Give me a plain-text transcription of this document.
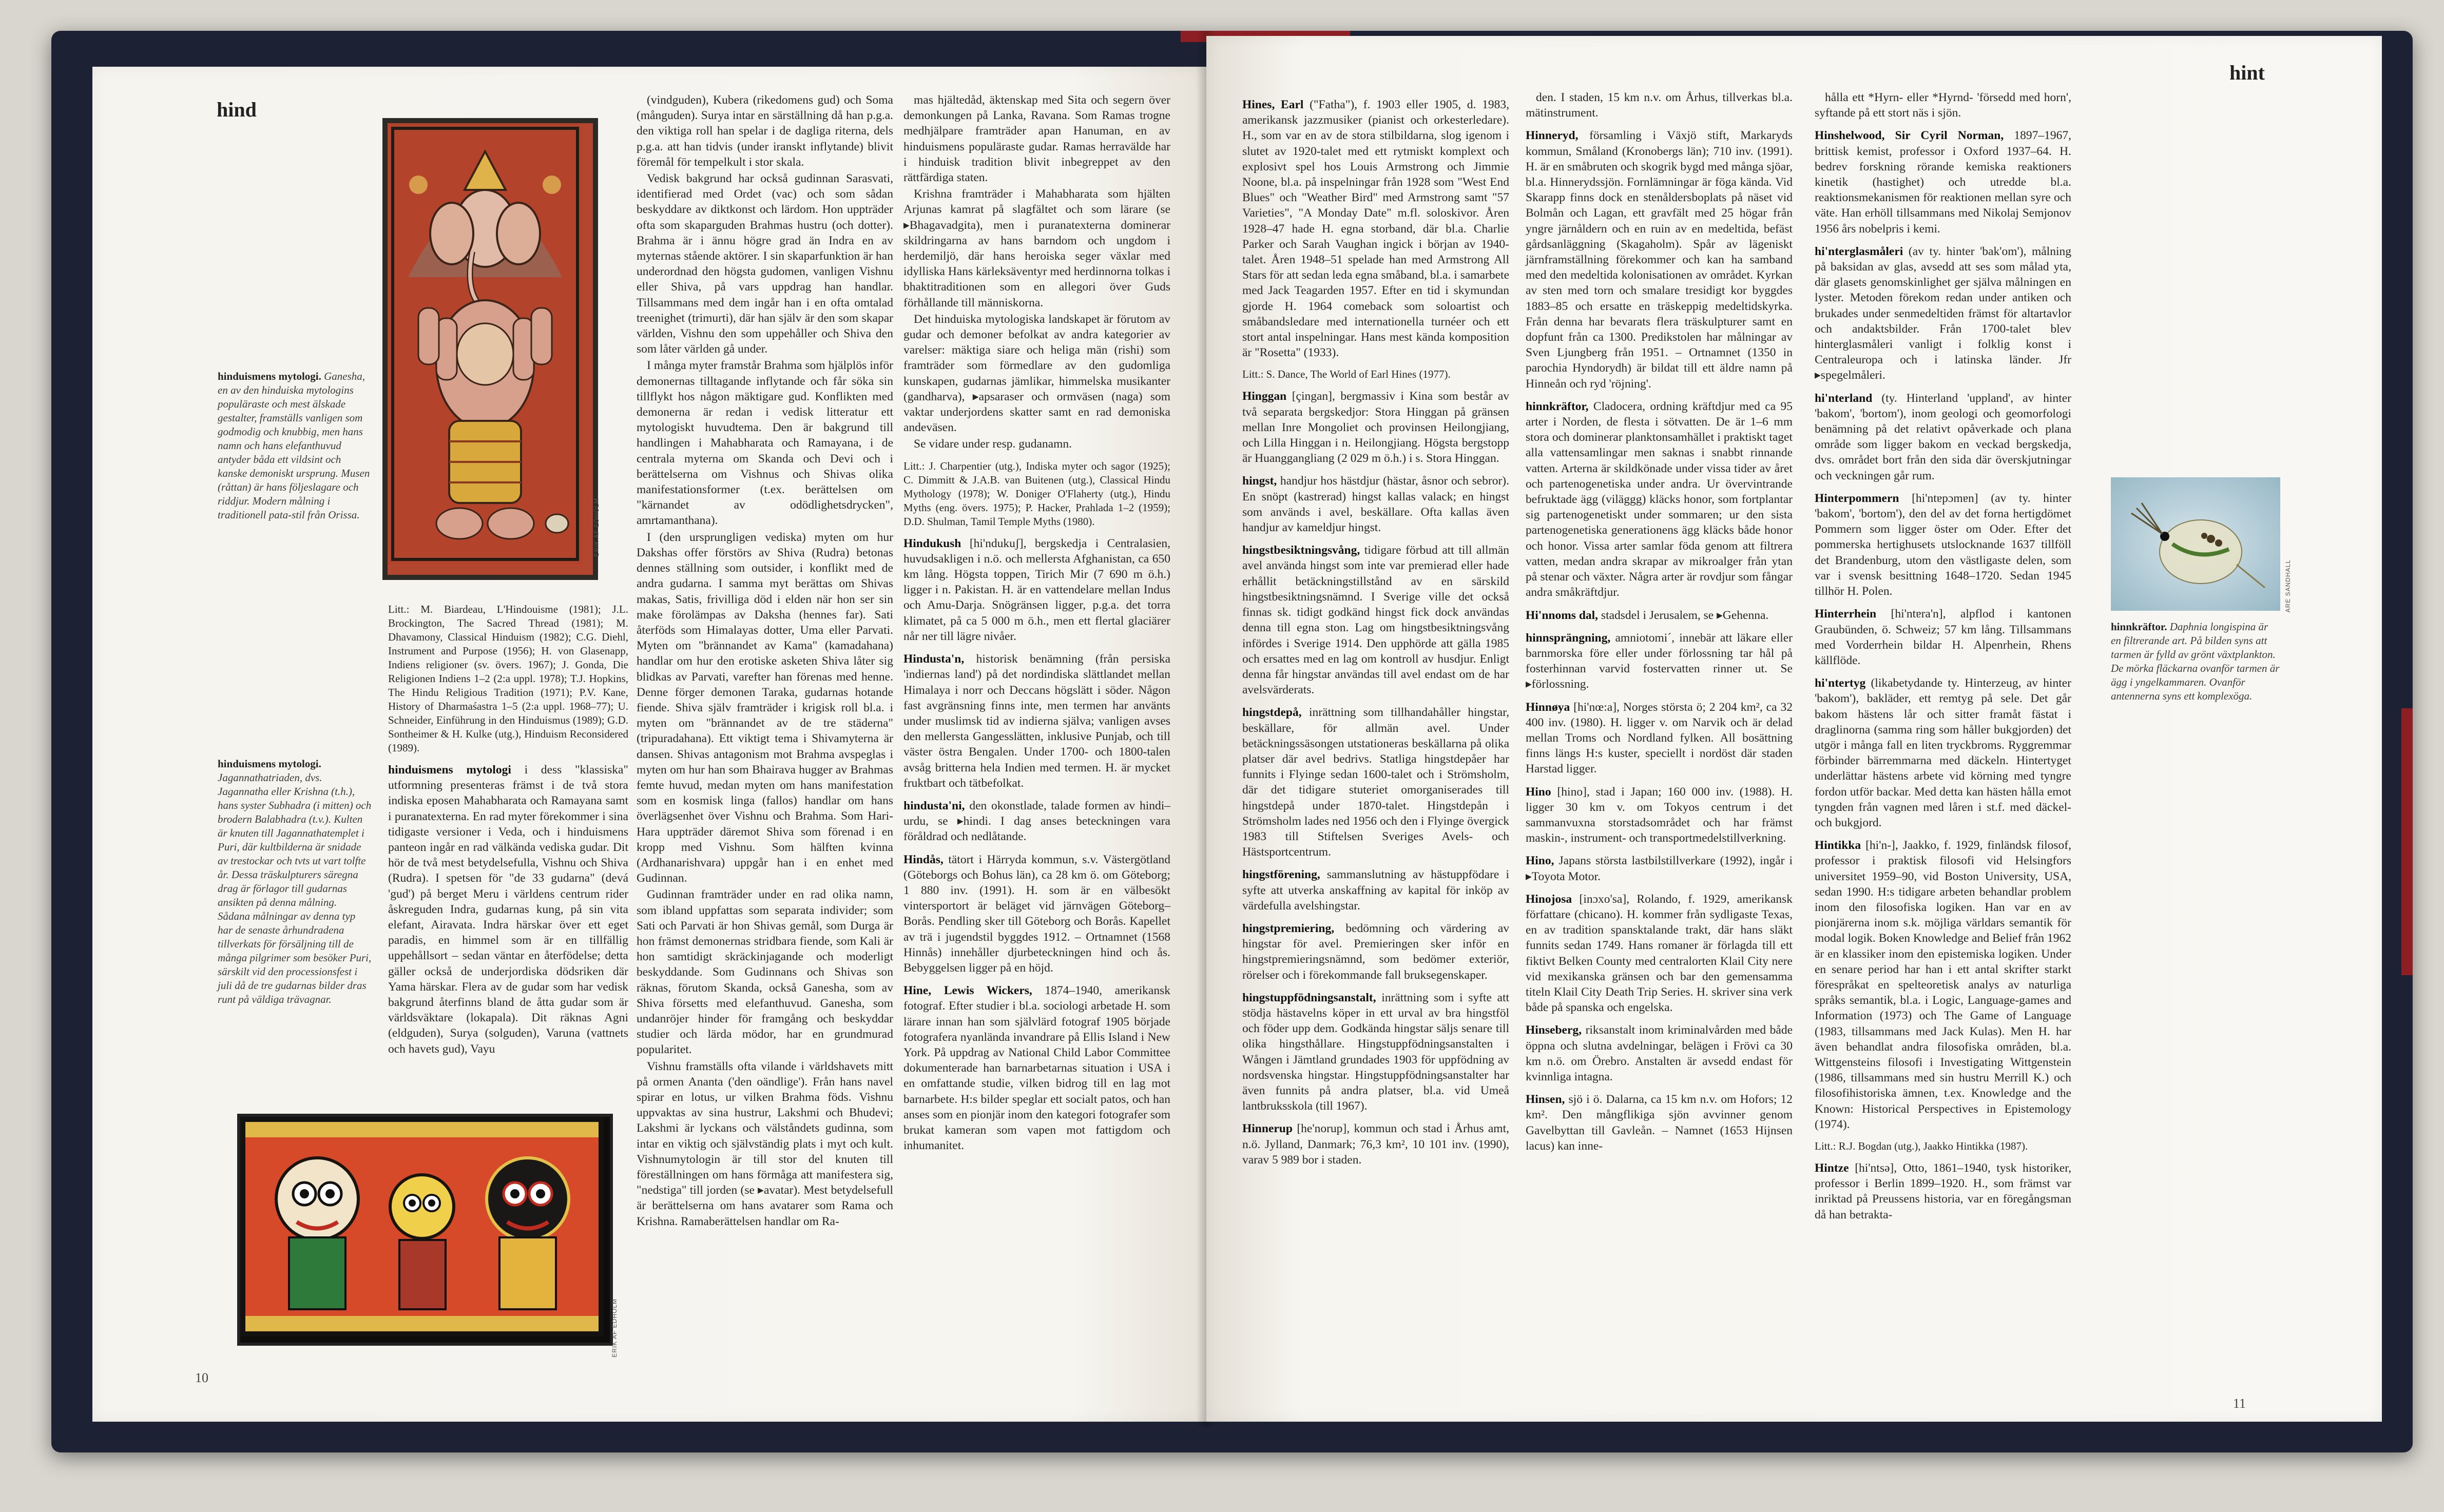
hind
ERIK AF EDHOLM
hinduismens mytologi. Ganesha, en av den hinduiska mytologins populäraste och mest älskade gestalter, framställs vanligen som godmodig och knubbig, men hans namn och hans elefanthuvud antyder båda ett vildsint och kanske demoniskt ursprung. Musen (råttan) är hans följeslagare och riddjur. Modern målning i traditionell pata-stil från Orissa.
hinduismens mytologi. Jagannathatriaden, dvs. Jagannatha eller Krishna (t.h.), hans syster Subhadra (i mitten) och brodern Balabhadra (t.v.). Kulten är knuten till Jagannathatemplet i Puri, där kultbilderna är snidade av trestockar och tvts ut vart tolfte år. Dessa träskulpturers säregna drag är förlagor till gudarnas ansikten på denna målning. Sådana målningar av denna typ har de senaste århundradena tillverkats för försäljning till de många pilgrimer som besöker Puri, särskilt vid den processionsfest i juli då de tre gudarnas bilder dras runt på väldiga trävagnar.
ERIK AF EDHOLM

Litt.: M. Biardeau, L'Hindouisme (1981); J.L. Brockington, The Sacred Thread (1981); M. Dhavamony, Classical Hinduism (1982); C.G. Diehl, Instrument and Purpose (1956); H. von Glasenapp, Indiens religioner (sv. övers. 1967); J. Gonda, Die Religionen Indiens 1–2 (2:a uppl. 1978); T.J. Hopkins, The Hindu Religious Tradition (1971); P.V. Kane, History of Dharmaśastra 1–5 (2:a uppl. 1968–77); U. Schneider, Einführung in den Hinduismus (1989); G.D. Sontheimer & H. Kulke (utg.), Hinduism Reconsidered (1989).

hinduismens mytologi i dess "klassiska" utformning presenteras främst i de två stora indiska eposen Mahabharata och Ramayana samt i puranatexterna. En rad myter förekommer i sina tidigaste versioner i Veda, och i hinduismens panteon ingår en rad välkända vediska gudar. Dit hör de två mest betydelsefulla, Vishnu och Shiva (Rudra). I spetsen för "de 33 gudarna" (devá 'gud') på berget Meru i världens centrum rider åskreguden Indra, gudarnas kung, på sin vita elefant, Airavata. Indra härskar över ett eget paradis, en himmel som är en tillfällig uppehållsort – sedan väntar en återfödelse; detta gäller också de underjordiska dödsriken där Yama härskar. Flera av de gudar som har vedisk bakgrund återfinns bland de åtta gudar som är världsväktare (lokapala). Dit räknas Agni (eldguden), Surya (solguden), Varuna (vattnets och havets gud), Vayu

(vindguden), Kubera (rikedomens gud) och Soma (månguden). Surya intar en särställning då han p.g.a. den viktiga roll han spelar i de dagliga riterna, dels p.g.a. att han tidvis (under iranskt inflytande) blivit föremål för tempelkult i stor skala.

Vedisk bakgrund har också gudinnan Sarasvati, identifierad med Ordet (vac) och som sådan beskyddare av diktkonst och lärdom. Hon uppträder ofta som skaparguden Brahmas hustru (och dotter). Brahma är i ännu högre grad än Indra en av myternas stående aktörer. I sin skaparfunktion är han underordnad den högsta gudomen, vanligen Vishnu eller Shiva, på vars uppdrag han handlar. Tillsammans med dem ingår han i en ofta omtalad treenighet (trimurti), där han själv är den som skapar världen, Vishnu den som uppehåller och Shiva den som låter världen gå under.

I många myter framstår Brahma som hjälplös inför demonernas tilltagande inflytande och får söka sin tillflykt hos någon mäktigare gud. Konflikten med demonerna är redan i vedisk litteratur ett mytologiskt huvudtema. Den är bakgrund till handlingen i Mahabharata och Ramayana, i de centrala myterna om Skanda och Devi och i berättelserna om Vishnus och Shivas olika manifestationsformer (t.ex. berättelsen om "kärnandet av odödlighetsdrycken", amrtamanthana).

I (den ursprungligen vediska) myten om hur Dakshas offer förstörs av Shiva (Rudra) betonas dennes ställning som outsider, i konflikt med de andra gudarna. I samma myt berättas om Shivas makas, Satis, frivilliga död i elden när hon ser sin make förolämpas av Daksha (hennes far). Sati återföds som Himalayas dotter, Uma eller Parvati. Myten om "brännandet av Kama" (kamadahana) handlar om hur den erotiske asketen Shiva låter sig blidkas av Parvati, varefter han förenas med henne. Denne förger demonen Taraka, gudarnas hotande fiende. Shiva själv framträder i krigisk roll bl.a. i myten om "brännandet av de tre städerna" (tripuradahana). Ett viktigt tema i Shivamyterna är dansen. Shivas antagonism mot Brahma avspeglas i myten om hur han som Bhairava hugger av Brahmas femte huvud, medan myten om hans manifestation som en kosmisk linga (fallos) handlar om hans överlägsenhet över Vishnu och Brahma. Som Hari-Hara uppträder däremot Shiva som förenad i en kropp med Vishnu. Som hälften kvinna (Ardhanarishvara) uppgår han i en enhet med Gudinnan.

Gudinnan framträder under en rad olika namn, som ibland uppfattas som separata individer; som Sati och Parvati är hon Shivas gemål, som Durga är hon främst demonernas stridbara fiende, som Kali är hon samtidigt skräckinjagande och moderligt beskyddande. Som Gudinnans och Shivas son räknas, förutom Skanda, också Ganesha, som av Shiva försetts med elefanthuvud. Ganesha, som undanröjer hinder för framgång och beskyddar studier och lärda mödor, har en grundmurad popularitet.

Vishnu framställs ofta vilande i världshavets mitt på ormen Ananta ('den oändlige'). Från hans navel spirar en lotus, ur vilken Brahma föds. Vishnu uppvaktas av sina hustrur, Lakshmi och Bhudevi; Lakshmi är lyckans och välståndets gudinna, som intar en viktig och självständig plats i myt och kult. Vishnumytologin är till stor del knuten till föreställningen om hans förmåga att manifestera sig, "nedstiga" till jorden (se ▸avatar). Mest betydelsefull är berättelserna om hans avatarer som Rama och Krishna. Ramaberättelsen handlar om Ra-

mas hjältedåd, äktenskap med Sita och segern över demonkungen på Lanka, Ravana. Som Ramas trogne medhjälpare framträder apan Hanuman, en av hinduismens populäraste gudar. Ramas herravälde har i hinduisk tradition blivit inbegreppet av den rättfärdiga staten.

Krishna framträder i Mahabharata som hjälten Arjunas kamrat på slagfältet och som lärare (se ▸Bhagavadgita), men i puranatexterna dominerar skildringarna av hans barndom och ungdom i herdemiljö, där hans heroiska seger växlar med idylliska Hans kärleksäventyr med herdinnorna tolkas i bhaktitraditionen som en allegori över Guds förhållande till människorna.

Det hinduiska mytologiska landskapet är förutom av gudar och demoner befolkat av andra kategorier av varelser: mäktiga siare och heliga män (rishi) som framträder som förmedlare av den gudomliga kunskapen, gudarnas jämlikar, himmelska musikanter (gandharva), ▸apsaraser och ormväsen (naga) som vaktar underjordens skatter samt en rad demoniska andeväsen.

Se vidare under resp. gudanamn.

Litt.: J. Charpentier (utg.), Indiska myter och sagor (1925); C. Dimmitt & J.A.B. van Buitenen (utg.), Classical Hindu Mythology (1978); W. Doniger O'Flaherty (utg.), Hindu Myths (eng. övers. 1975); P. Hacker, Prahlada 1–2 (1959); D.D. Shulman, Tamil Temple Myths (1980).

Hindukush [hi'ndukuʃ], bergskedja i Centralasien, huvudsakligen i n.ö. och mellersta Afghanistan, ca 650 km lång. Högsta toppen, Tirich Mir (7 690 m ö.h.) ligger i n. Pakistan. H. är en vattendelare mellan Indus och Amu-Darja. Snögränsen ligger, p.g.a. det torra klimatet, på ca 5 000 m ö.h., men ett flertal glaciärer når ner till lägre nivåer.

Hindusta'n, historisk benämning (från persiska 'indiernas land') på det nordindiska slättlandet mellan Himalaya i norr och Deccans högslätt i söder. Någon fast avgränsning finns inte, men termen har använts under muslimsk tid av indierna själva; vanligen avses den mellersta Gangesslätten, inklusive Punjab, och till väster östra Bengalen. Under 1700- och 1800-talen avsåg britterna hela Indien med termen. H. är mycket fruktbart och tätbefolkat.

hindusta'ni, den okonstlade, talade formen av hindi–urdu, se ▸hindi. I dag anses beteckningen vara föråldrad och nedlåtande.

Hindås, tätort i Härryda kommun, s.v. Västergötland (Göteborgs och Bohus län), ca 28 km ö. om Göteborg; 1 880 inv. (1991). H. som är en välbesökt vintersportort är beläget vid järnvägen Göteborg–Borås. Pendling sker till Göteborg och Borås. Kapellet av trä i jugendstil byggdes 1912. – Ortnamnet (1568 Hinnås) innehåller djurbeteckningen hind och ås. Bebyggelsen ligger på en höjd.

Hine, Lewis Wickers, 1874–1940, amerikansk fotograf. Efter studier i bl.a. sociologi arbetade H. som lärare innan han som självlärd fotograf 1905 började fotografera nyanlända invandrare på Ellis Island i New York. På uppdrag av National Child Labor Committee dokumenterade han barnarbetarnas situation i USA i en omfattande studie, vilken bidrog till en lag mot barnarbete. H:s bilder speglar ett socialt patos, och han anses som en pionjär inom den kategori fotografer som brukat kameran som vapen mot fattigdom och inhumanitet.

10
hint

Hines, Earl ("Fatha"), f. 1903 eller 1905, d. 1983, amerikansk jazzmusiker (pianist och orkesterledare). H., som var en av de stora stilbildarna, slog igenom i slutet av 1920-talet med ett rytmiskt komplext och explosivt spel hos Louis Armstrong och Jimmie Noone, bl.a. på inspelningar från 1928 som "West End Blues" och "Weather Bird" med Armstrong samt "57 Varieties", "A Monday Date" m.fl. soloskivor. Åren 1928–47 hade H. egna storband, där bl.a. Charlie Parker och Sarah Vaughan ingick i början av 1940-talet. Åren 1948–51 spelade han med Armstrong All Stars för att sedan leda egna småband, bl.a. i samarbete med Jack Teagarden 1957. Efter en tid i skymundan gjorde H. 1964 comeback som soloartist och småbandsledare med internationella turnéer och ett stort antal inspelningar. Hans mest kända komposition är "Rosetta" (1933).

Litt.: S. Dance, The World of Earl Hines (1977).

Hinggan [çingan], bergmassiv i Kina som består av två separata bergskedjor: Stora Hinggan på gränsen mellan Inre Mongoliet och provinsen Heilongjiang, och Lilla Hinggan i n. Heilongjiang. Högsta bergstopp är Huanggangliang (2 029 m ö.h.) i s. Stora Hinggan.

hingst, handjur hos hästdjur (hästar, åsnor och sebror). En snöpt (kastrerad) hingst kallas valack; en hingst som används i avel, beskällare. Ofta kallas även handjur av kameldjur hingst.

hingstbesiktningsvång, tidigare förbud att till allmän avel använda hingst som inte var premierad eller hade erhållit betäckningstillstånd av en särskild hingstbesiktningsnämnd. I Sverige ville det också finnas sk. tidigt godkänd hingst fick dock användas denna till egna ston. Lag om hingstbesiktningsvång infördes i Sverige 1914. Den upphörde att gälla 1985 och ersattes med en lag om kontroll av husdjur. Enligt denna får hingstar användas till avel endast om de har avelsvärderats.

hingstdepå, inrättning som tillhandahåller hingstar, beskällare, för allmän avel. Under betäckningssäsongen utstationeras beskällarna på olika platser där avel bedrivs. Statliga hingstdepåer har funnits i Flyinge sedan 1600-talet och i Strömsholm, där det tidigare stuteriet omorganiserades till hingstdepå under 1870-talet. Hingstdepån i Strömsholm lades ned 1956 och den i Flyinge övergick 1983 till Stiftelsen Sveriges Avels- och Hästsportcentrum.

hingstförening, sammanslutning av hästuppfödare i syfte att utverka anskaffning av kapital för inköp av värdefulla avelshingstar.

hingstpremiering, bedömning och värdering av hingstar för avel. Premieringen sker inför en hingstpremieringsnämnd, som bedömer exteriör, rörelser och i förekommande fall bruksegenskaper.

hingstuppfödningsanstalt, inrättning som i syfte att stödja hästavelns köper in ett urval av bra hingstföl och föder upp dem. Godkända hingstar säljs senare till olika hingsthållare. Hingstuppfödningsanstalten i Wången i Jämtland grundades 1903 för uppfödning av nordsvenska hingstar. Hingstuppfödningsanstalter har även funnits på andra platser, bl.a. vid Umeå lantbruksskola (till 1967).

Hinnerup [he'norup], kommun och stad i Århus amt, n.ö. Jylland, Danmark; 76,3 km², 10 101 inv. (1990), varav 5 989 bor i staden.

den. I staden, 15 km n.v. om Århus, tillverkas bl.a. mätinstrument.

Hinneryd, församling i Växjö stift, Markaryds kommun, Småland (Kronobergs län); 710 inv. (1991). H. är en småbruten och skogrik bygd med många sjöar, bl.a. Hinnerydssjön. Fornlämningar är föga kända. Vid Skarapp finns dock en stenåldersboplats på näset vid Bolmån och Lagan, ett gravfält med 25 högar från yngre järnåldern och en ruin av en medeltida, befäst gårdsanläggning (Skagaholm). Spår av lägeniskt järnframställning förekommer och kan ha samband med den medeltida kolonisationen av området. Kyrkan av sten med torn och smalare tresidigt kor byggdes 1883–85 och ersatte en träskeppig medeltidskyrka. Från denna har bevarats flera träskulpturer samt en dopfunt från ca 1300. Predikstolen har målningar av Sven Ljungberg från 1951. – Ortnamnet (1350 in parochia Hyndorydh) är bildat till ett äldre namn på Hinneån och ryd 'röjning'.

hinnkräftor, Cladocera, ordning kräftdjur med ca 95 arter i Norden, de flesta i sötvatten. De är 1–6 mm stora och dominerar planktonsamhället i praktiskt taget alla vattensamlingar men saknas i snabbt rinnande vatten. Arterna är skildkönade under vissa tider av året och partenogenetiska under andra. Ur övervintrande befruktade ägg (viläggg) kläcks honor, som fortplantar sig partenogenetiskt under sommaren; ur den sista partenogenetiska generationens ägg kläcks både honor och honor. Vissa arter samlar föda genom att filtrera vatten, medan andra skrapar av mikroalger från ytan på stenar och växter. Några arter är rovdjur som fångar andra småkräftdjur.

Hi'nnoms dal, stadsdel i Jerusalem, se ▸Gehenna.

hinnsprängning, amniotomi´, innebär att läkare eller barnmorska före eller under förlossning tar hål på fosterhinnan varvid fostervatten rinner ut. Se ▸förlossning.

Hinnøya [hi'nœ:a], Norges största ö; 2 204 km², ca 32 400 inv. (1980). H. ligger v. om Narvik och är delad mellan Troms och Nordland fylken. All bosättning finns längs H:s kuster, speciellt i nordöst där staden Harstad ligger.

Hino [hino], stad i Japan; 160 000 inv. (1988). H. ligger 30 km v. om Tokyos centrum i det sammanvuxna storstadsområdet och har främst maskin-, instrument- och transportmedelstillverkning.

Hino, Japans största lastbilstillverkare (1992), ingår i ▸Toyota Motor.

Hinojosa [inɔxo'sa], Rolando, f. 1929, amerikansk författare (chicano). H. kommer från sydligaste Texas, en av tradition spansktalande trakt, där hans släkt funnits sedan 1749. Hans romaner är förlagda till ett fiktivt Belken County med centralorten Klail City nere vid mexikanska gränsen och bar den gemensamma titeln Klail City Death Trip Series. H. skriver sina verk både på spanska och engelska.

Hinseberg, riksanstalt inom kriminalvården med både öppna och slutna avdelningar, belägen i Frövi ca 30 km n.ö. om Örebro. Anstalten är avsedd endast för kvinnliga intagna.

Hinsen, sjö i ö. Dalarna, ca 15 km n.v. om Hofors; 12 km². Den mångflikiga sjön avvinner genom Gavelbyttan till Gavleån. – Namnet (1653 Hijnsen lacus) kan inne-

hålla ett *Hyrn- eller *Hyrnd- 'försedd med horn', syftande på ett stort näs i sjön.

Hinshelwood, Sir Cyril Norman, 1897–1967, brittisk kemist, professor i Oxford 1937–64. H. bedrev forskning rörande kemiska reaktioners kinetik (hastighet) och utredde bl.a. reaktionsmekanismen för reaktionen mellan syre och väte. Han erhöll tillsammans med Nikolaj Semjonov 1956 års nobelpris i kemi.

hi'nterglasmåleri (av ty. hinter 'bak'om'), målning på baksidan av glas, avsedd att ses som målad yta, där glasets genomskinlighet ger själva målningen en lyster. Metoden förekom redan under antiken och brukades under senmedeltiden främst för altartavlor och andaktsbilder. Från 1700-talet blev hinterglasmåleri vanligt i folklig konst i Centraleuropa och i latinska länder. Jfr ▸spegelmåleri.

hi'nterland (ty. Hinterland 'uppland', av hinter 'bakom', 'bortom'), inom geologi och geomorfologi benämning på det relativt opåverkade och plana område som ligger bakom en veckad bergskedja, dvs. området bort från den sida där överskjutningar och veckningen går rum.

Hinterpommern [hi'ntɐpɔmɐn] (av ty. hinter 'bakom', 'bortom'), den del av det forna hertigdömet Pommern som ligger öster om Oder. Efter det pommerska hertighusets utslocknande 1637 tillföll det Brandenburg, utom den västligaste delen, som var i svensk besittning 1648–1720. Sedan 1945 tillhör H. Polen.

Hinterrhein [hi'ntɐra'n], alpflod i kantonen Graubünden, ö. Schweiz; 57 km lång. Tillsammans med Vorderrhein bildar H. Alpenrhein, Rhens källflöde.

hi'ntertyg (likabetydande ty. Hinterzeug, av hinter 'bakom'), bakläder, ett remtyg på sele. Det går bakom hästens lår och sitter framåt fästat i draglinorna (samma ring som håller bukgjorden) det utgör i många fall en liten tryckbroms. Ryggremmar förbinder bärremmarna med däckeln. Hintertyget underlättar hästens arbete vid körning med tyngre fordon utför backar. Med detta kan hästen hålla emot tyngden från vagnen med låren i st.f. med däckel- och bukgjord.

Hintikka [hi'n-], Jaakko, f. 1929, finländsk filosof, professor i praktisk filosofi vid Helsingfors universitet 1959–90, vid Boston University, USA, sedan 1990. H:s tidigare arbeten behandlar problem inom den filosofiska logiken. Han var en av pionjärerna inom s.k. möjliga världars semantik för modal logik. Boken Knowledge and Belief från 1962 är en klassiker inom den epistemiska logiken. Under en senare period har han i ett antal skrifter starkt förespråkat en spelteoretisk analys av naturliga språks semantik, bl.a. i Logic, Language-games and Information (1973) och The Game of Language (1983, tillsammans med Jack Kulas). Men H. har även behandlat andra filosofiska områden, bl.a. Wittgensteins filosofi i Investigating Wittgenstein (1986, tillsammans med sin hustru Merrill K.) och filosofihistoriska ämnen, t.ex. Knowledge and the Known: Historical Perspectives in Epistemology (1974).

Litt.: R.J. Bogdan (utg.), Jaakko Hintikka (1987).

Hintze [hi'ntsə], Otto, 1861–1940, tysk historiker, professor i Berlin 1899–1920. H., som främst var inriktad på Preussens historia, var en föregångsman då han betrakta-

ARE SANDHALL
hinnkräftor. Daphnia longispina är en filtrerande art. På bilden syns att tarmen är fylld av grönt växtplankton. De mörka fläckarna ovanför tarmen är ägg i yngelkammaren. Ovanför antennerna syns ett komplexöga.
11
